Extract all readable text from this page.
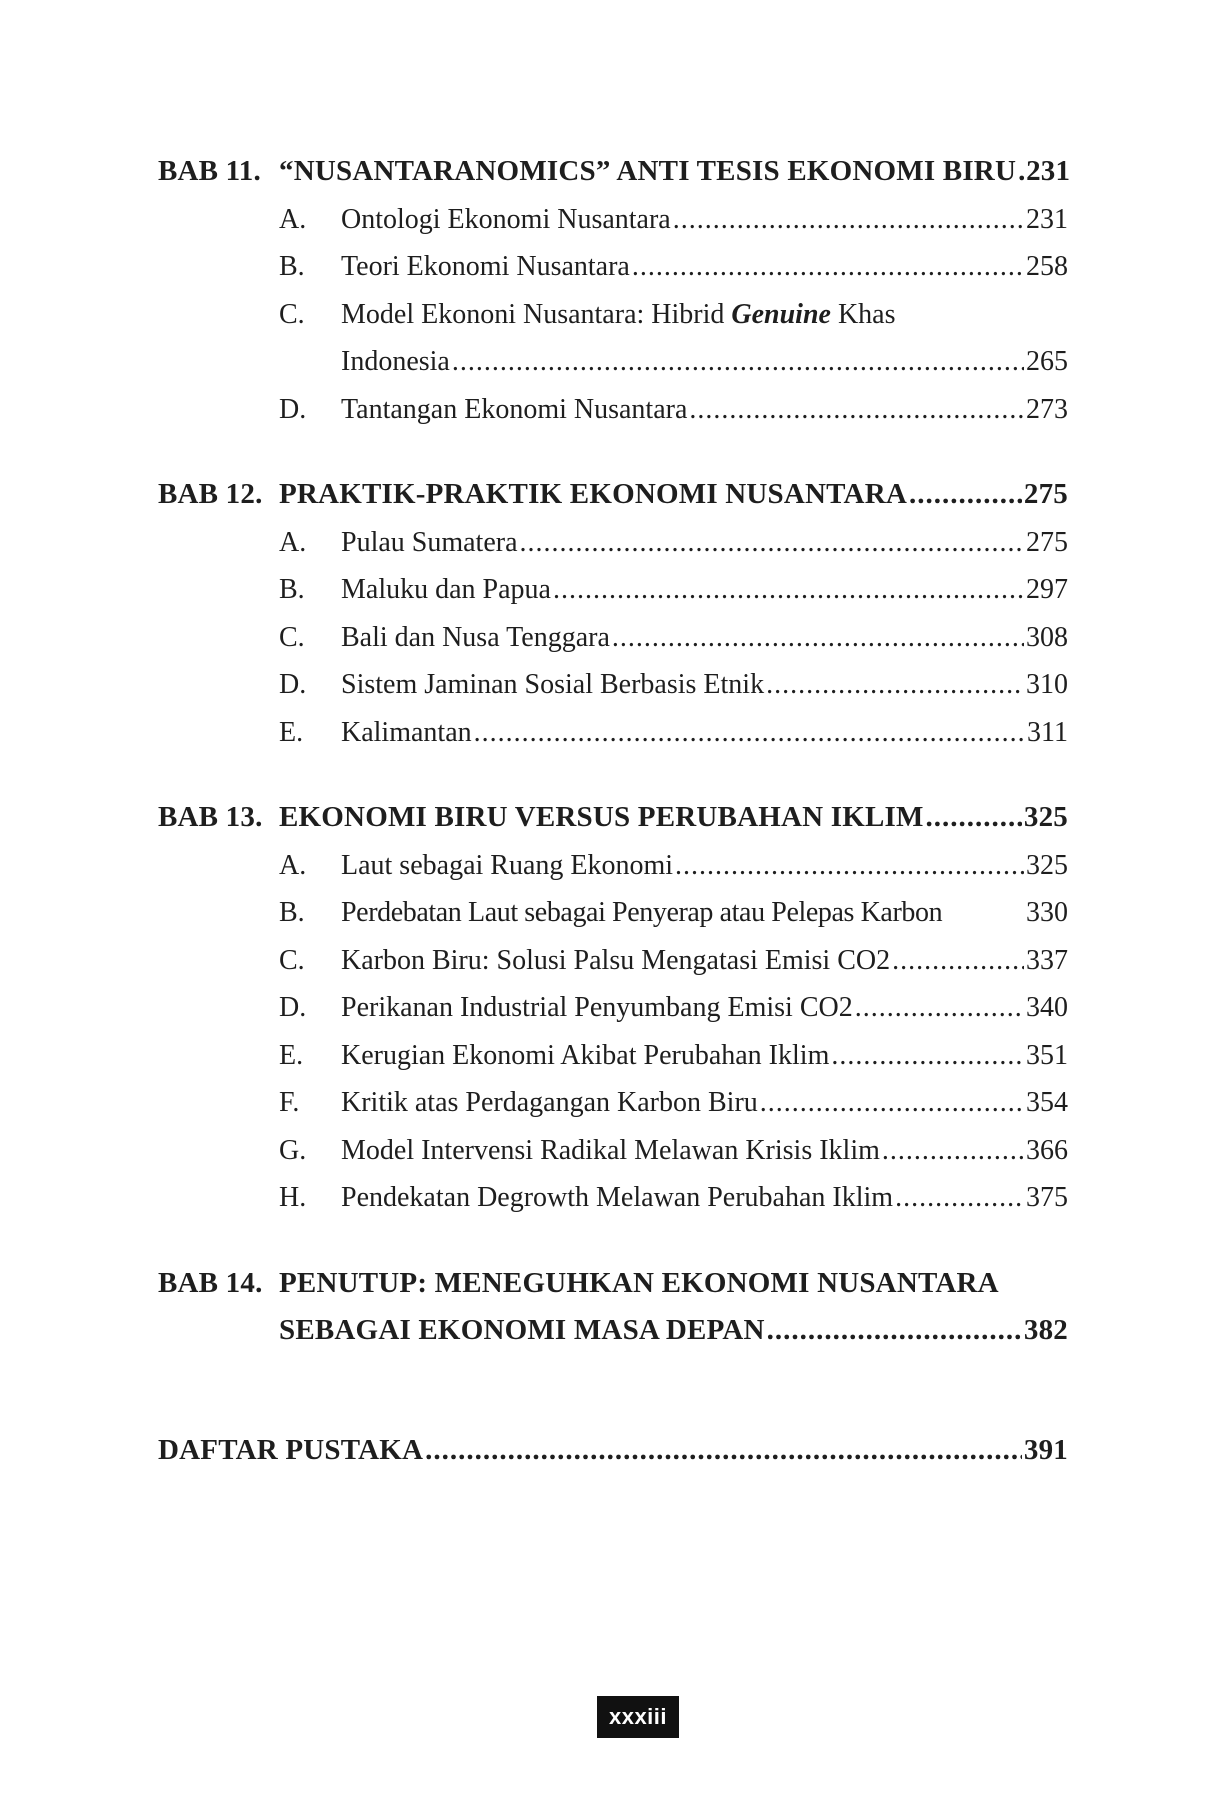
BAB 11. “NUSANTARANOMICS” ANTI TESIS EKONOMI BIRU ..... 231
A.	Ontologi Ekonomi Nusantara .....	231
B.	Teori Ekonomi Nusantara .....	258
C.	Model Ekononi Nusantara: Hibrid Genuine Khas
Indonesia .....	265
D.	Tantangan Ekonomi Nusantara .....	273
BAB 12. PRAKTIK-PRAKTIK EKONOMI NUSANTARA .....	275
A.	Pulau Sumatera .....	275
B.	Maluku dan Papua .....	297
C.	Bali dan Nusa Tenggara .....	308
D.	Sistem Jaminan Sosial Berbasis Etnik .....	310
E.	Kalimantan .....	311
BAB 13. EKONOMI BIRU VERSUS PERUBAHAN IKLIM .....	325
A.	Laut sebagai Ruang Ekonomi .....	325
B.	Perdebatan Laut sebagai Penyerap atau Pelepas Karbon	330
C.	Karbon Biru: Solusi Palsu Mengatasi Emisi CO2 .....	337
D.	Perikanan Industrial Penyumbang Emisi CO2 .....	340
E.	Kerugian Ekonomi Akibat Perubahan Iklim .....	351
F.	Kritik atas Perdagangan Karbon Biru .....	354
G.	Model Intervensi Radikal Melawan Krisis Iklim .....	366
H.	Pendekatan Degrowth Melawan Perubahan Iklim .....	375
BAB 14. PENUTUP: MENEGUHKAN EKONOMI NUSANTARA
SEBAGAI EKONOMI MASA DEPAN .....	382
DAFTAR PUSTAKA .....	391
xxxiii
